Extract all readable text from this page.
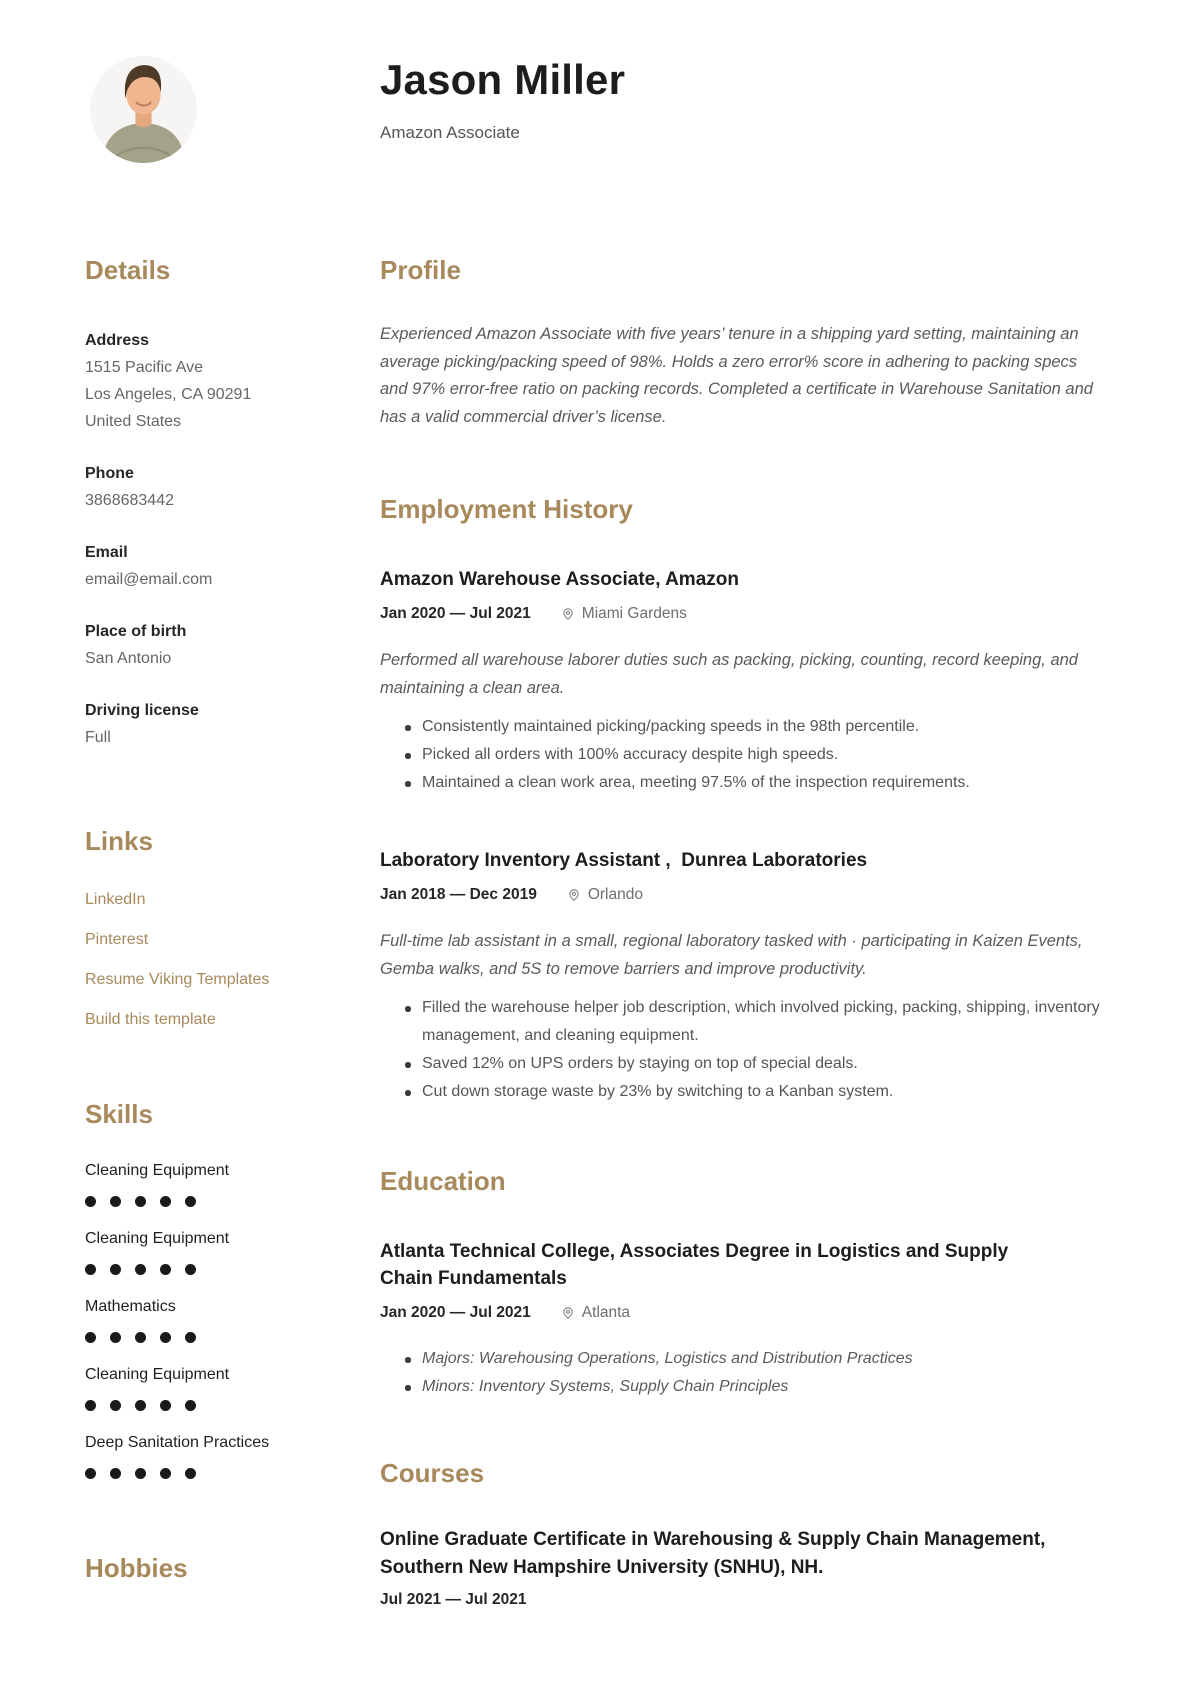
Jason Miller
Amazon Associate
Details
Address
1515 Pacific Ave
Los Angeles, CA 90291
United States
Phone
3868683442
Email
email@email.com
Place of birth
San Antonio
Driving license
Full
Links
LinkedIn
Pinterest
Resume Viking Templates
Build this template
Skills
Cleaning Equipment
Cleaning Equipment
Mathematics
Cleaning Equipment
Deep Sanitation Practices
Hobbies
Profile

Experienced Amazon Associate with five years’ tenure in a shipping yard setting, maintaining an average picking/packing speed of 98%. Holds a zero error% score in adhering to packing specs and 97% error-free ratio on packing records. Completed a certificate in Warehouse Sanitation and has a valid commercial driver’s license.

Employment History
Amazon Warehouse Associate, Amazon
Jan 2020 — Jul 2021	Miami Gardens

Performed all warehouse laborer duties such as packing, picking, counting, record keeping, and maintaining a clean area.

Consistently maintained picking/packing speeds in the 98th percentile.
Picked all orders with 100% accuracy despite high speeds.
Maintained a clean work area, meeting 97.5% of the inspection requirements.
Laboratory Inventory Assistant ,  Dunrea Laboratories
Jan 2018 — Dec 2019	Orlando

Full-time lab assistant in a small, regional laboratory tasked with · participating in Kaizen Events, Gemba walks, and 5S to remove barriers and improve productivity.

Filled the warehouse helper job description, which involved picking, packing, shipping, inventory management, and cleaning equipment.
Saved 12% on UPS orders by staying on top of special deals.
Cut down storage waste by 23% by switching to a Kanban system.
Education
Atlanta Technical College, Associates Degree in Logistics and Supply Chain Fundamentals
Jan 2020 — Jul 2021	Atlanta
Majors: Warehousing Operations, Logistics and Distribution Practices
Minors: Inventory Systems, Supply Chain Principles
Courses
Online Graduate Certificate in Warehousing & Supply Chain Management, Southern New Hampshire University (SNHU), NH.
Jul 2021 — Jul 2021
